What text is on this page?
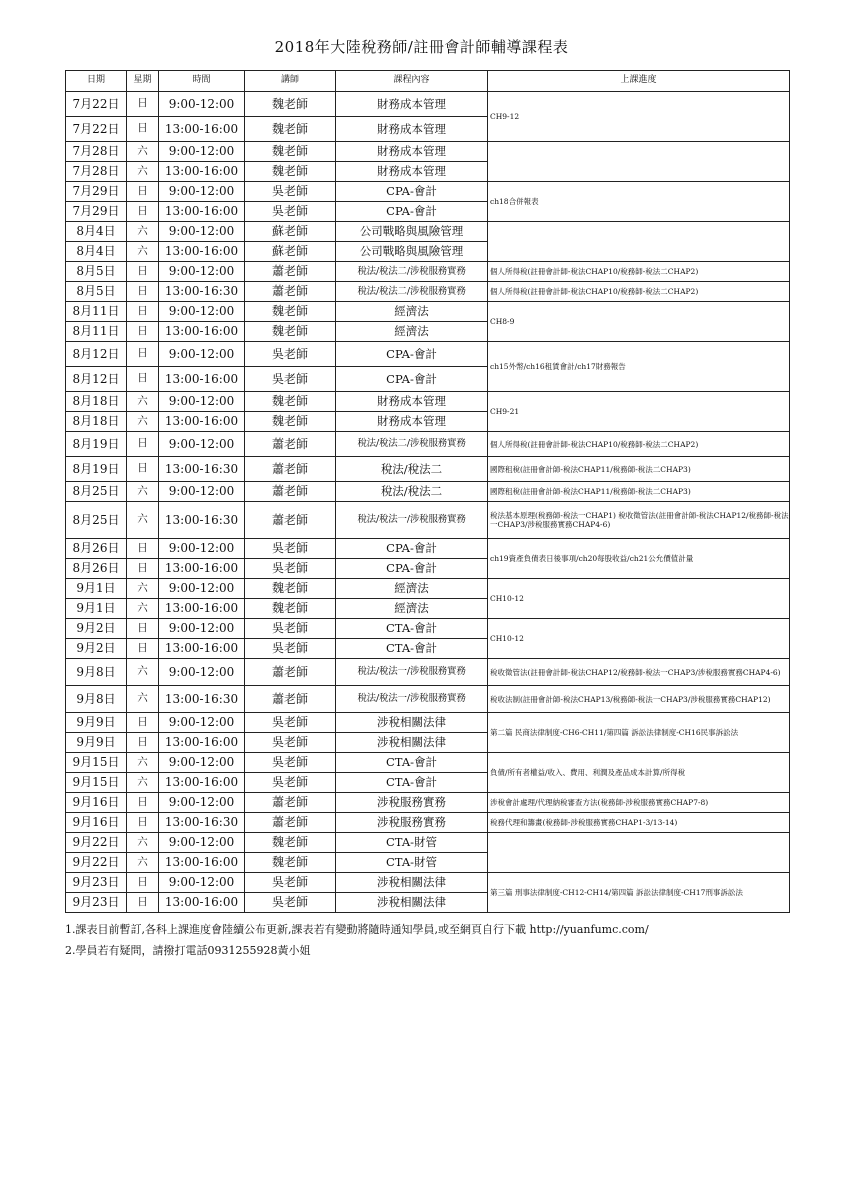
2018年大陸稅務師/註冊會計師輔導課程表
日期	星期	時間	講師	課程內容	上課進度
7月22日	日	9:00-12:00	魏老師	財務成本管理	CH9-12
7月22日	日	13:00-16:00	魏老師	財務成本管理	
7月28日	六	9:00-12:00	魏老師	財務成本管理	
7月28日	六	13:00-16:00	魏老師	財務成本管理	
7月29日	日	9:00-12:00	吳老師	CPA-會計	ch18合併報表
7月29日	日	13:00-16:00	吳老師	CPA-會計	
8月4日	六	9:00-12:00	蘇老師	公司戰略與風險管理	
8月4日	六	13:00-16:00	蘇老師	公司戰略與風險管理	
8月5日	日	9:00-12:00	蕭老師	稅法/稅法二/涉稅服務實務	個人所得稅(註冊會計師-稅法CHAP10/稅務師-稅法二CHAP2)
8月5日	日	13:00-16:30	蕭老師	稅法/稅法二/涉稅服務實務	個人所得稅(註冊會計師-稅法CHAP10/稅務師-稅法二CHAP2)
8月11日	日	9:00-12:00	魏老師	經濟法	CH8-9
8月11日	日	13:00-16:00	魏老師	經濟法	
8月12日	日	9:00-12:00	吳老師	CPA-會計	ch15外幣/ch16租賃會計/ch17財務報告
8月12日	日	13:00-16:00	吳老師	CPA-會計	
8月18日	六	9:00-12:00	魏老師	財務成本管理	CH9-21
8月18日	六	13:00-16:00	魏老師	財務成本管理	
8月19日	日	9:00-12:00	蕭老師	稅法/稅法二/涉稅服務實務	個人所得稅(註冊會計師-稅法CHAP10/稅務師-稅法二CHAP2)
8月19日	日	13:00-16:30	蕭老師	稅法/稅法二	國際租稅(註冊會計師-稅法CHAP11/稅務師-稅法二CHAP3)
8月25日	六	9:00-12:00	蕭老師	稅法/稅法二	國際租稅(註冊會計師-稅法CHAP11/稅務師-稅法二CHAP3)
8月25日	六	13:00-16:30	蕭老師	稅法/稅法一/涉稅服務實務	稅法基本原理(稅務師-稅法一CHAP1) 稅收徵管法(註冊會計師-稅法CHAP12/稅務師-稅法一CHAP3/涉稅服務實務CHAP4-6)
8月26日	日	9:00-12:00	吳老師	CPA-會計	ch19資產負債表日後事項/ch20每股收益/ch21公允價值計量
8月26日	日	13:00-16:00	吳老師	CPA-會計	
9月1日	六	9:00-12:00	魏老師	經濟法	CH10-12
9月1日	六	13:00-16:00	魏老師	經濟法	
9月2日	日	9:00-12:00	吳老師	CTA-會計	CH10-12
9月2日	日	13:00-16:00	吳老師	CTA-會計	
9月8日	六	9:00-12:00	蕭老師	稅法/稅法一/涉稅服務實務	稅收徵管法(註冊會計師-稅法CHAP12/稅務師-稅法一CHAP3/涉稅服務實務CHAP4-6)
9月8日	六	13:00-16:30	蕭老師	稅法/稅法一/涉稅服務實務	稅收法制(註冊會計師-稅法CHAP13/稅務師-稅法一CHAP3/涉稅服務實務CHAP12)
9月9日	日	9:00-12:00	吳老師	涉稅相關法律	第二篇 民商法律制度-CH6-CH11/第四篇 訴訟法律制度-CH16民事訴訟法
9月9日	日	13:00-16:00	吳老師	涉稅相關法律	
9月15日	六	9:00-12:00	吳老師	CTA-會計	負債/所有者權益/收入、費用、利潤及產品成本計算/所得稅
9月15日	六	13:00-16:00	吳老師	CTA-會計	
9月16日	日	9:00-12:00	蕭老師	涉稅服務實務	涉稅會計處理/代理納稅審查方法(稅務師-涉稅服務實務CHAP7-8)
9月16日	日	13:00-16:30	蕭老師	涉稅服務實務	稅務代理和籌畫(稅務師-涉稅服務實務CHAP1-3/13-14)
9月22日	六	9:00-12:00	魏老師	CTA-財管	
9月22日	六	13:00-16:00	魏老師	CTA-財管	
9月23日	日	9:00-12:00	吳老師	涉稅相關法律	第三篇 刑事法律制度-CH12-CH14/第四篇 訴訟法律制度-CH17刑事訴訟法
9月23日	日	13:00-16:00	吳老師	涉稅相關法律	
1.課表目前暫訂,各科上課進度會陸續公布更新,課表若有變動將隨時通知學員,或至網頁自行下載 http://yuanfumc.com/
2.學員若有疑問，請撥打電話0931255928黃小姐
